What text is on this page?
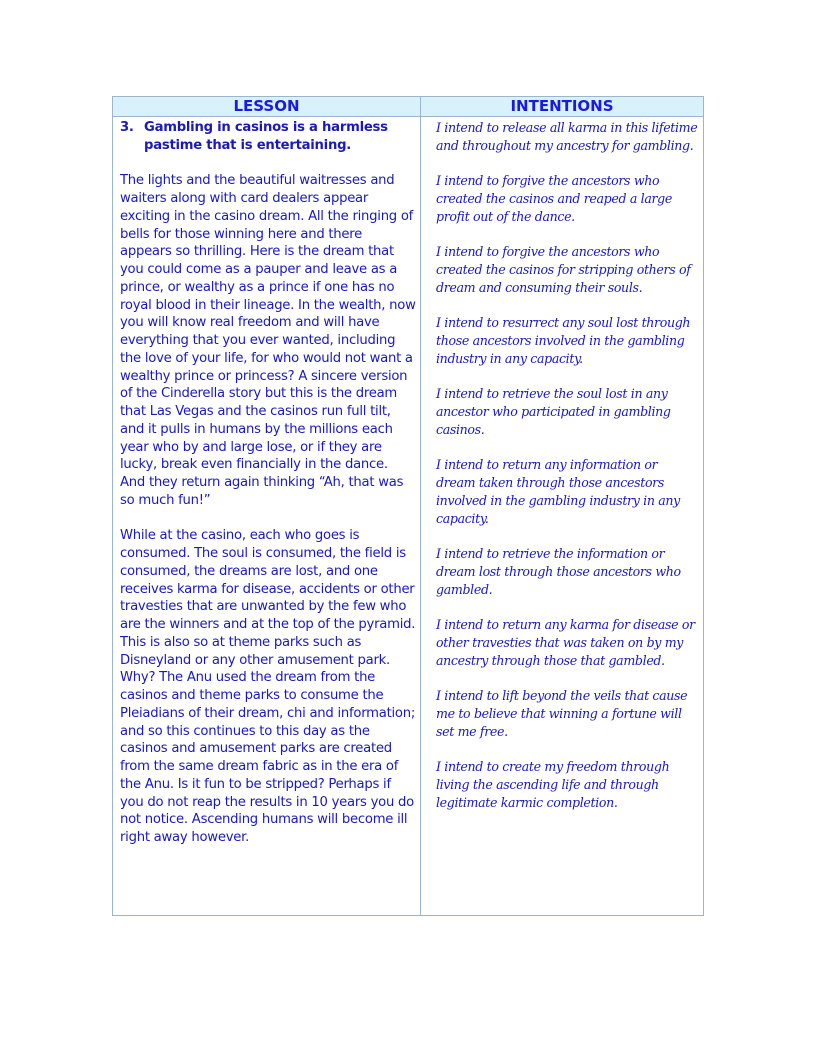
LESSON	INTENTIONS
3. Gambling in casinos is a harmless pastime that is entertaining.

The lights and the beautiful waitresses and waiters along with card dealers appear exciting in the casino dream. All the ringing of bells for those winning here and there appears so thrilling. Here is the dream that you could come as a pauper and leave as a prince, or wealthy as a prince if one has no royal blood in their lineage. In the wealth, now you will know real freedom and will have everything that you ever wanted, including the love of your life, for who would not want a wealthy prince or princess? A sincere version of the Cinderella story but this is the dream that Las Vegas and the casinos run full tilt, and it pulls in humans by the millions each year who by and large lose, or if they are lucky, break even financially in the dance. And they return again thinking “Ah, that was so much fun!”

While at the casino, each who goes is consumed. The soul is consumed, the field is consumed, the dreams are lost, and one receives karma for disease, accidents or other travesties that are unwanted by the few who are the winners and at the top of the pyramid. This is also so at theme parks such as Disneyland or any other amusement park. Why? The Anu used the dream from the casinos and theme parks to consume the Pleiadians of their dream, chi and information; and so this continues to this day as the casinos and amusement parks are created from the same dream fabric as in the era of the Anu. Is it fun to be stripped? Perhaps if you do not reap the results in 10 years you do not notice. Ascending humans will become ill right away however.

I intend to release all karma in this lifetime and throughout my ancestry for gambling.

I intend to forgive the ancestors who created the casinos and reaped a large profit out of the dance.

I intend to forgive the ancestors who created the casinos for stripping others of dream and consuming their souls.

I intend to resurrect any soul lost through those ancestors involved in the gambling industry in any capacity.

I intend to retrieve the soul lost in any ancestor who participated in gambling casinos.

I intend to return any information or dream taken through those ancestors involved in the gambling industry in any capacity.

I intend to retrieve the information or dream lost through those ancestors who gambled.

I intend to return any karma for disease or other travesties that was taken on by my ancestry through those that gambled.

I intend to lift beyond the veils that cause me to believe that winning a fortune will set me free.

I intend to create my freedom through living the ascending life and through legitimate karmic completion.
